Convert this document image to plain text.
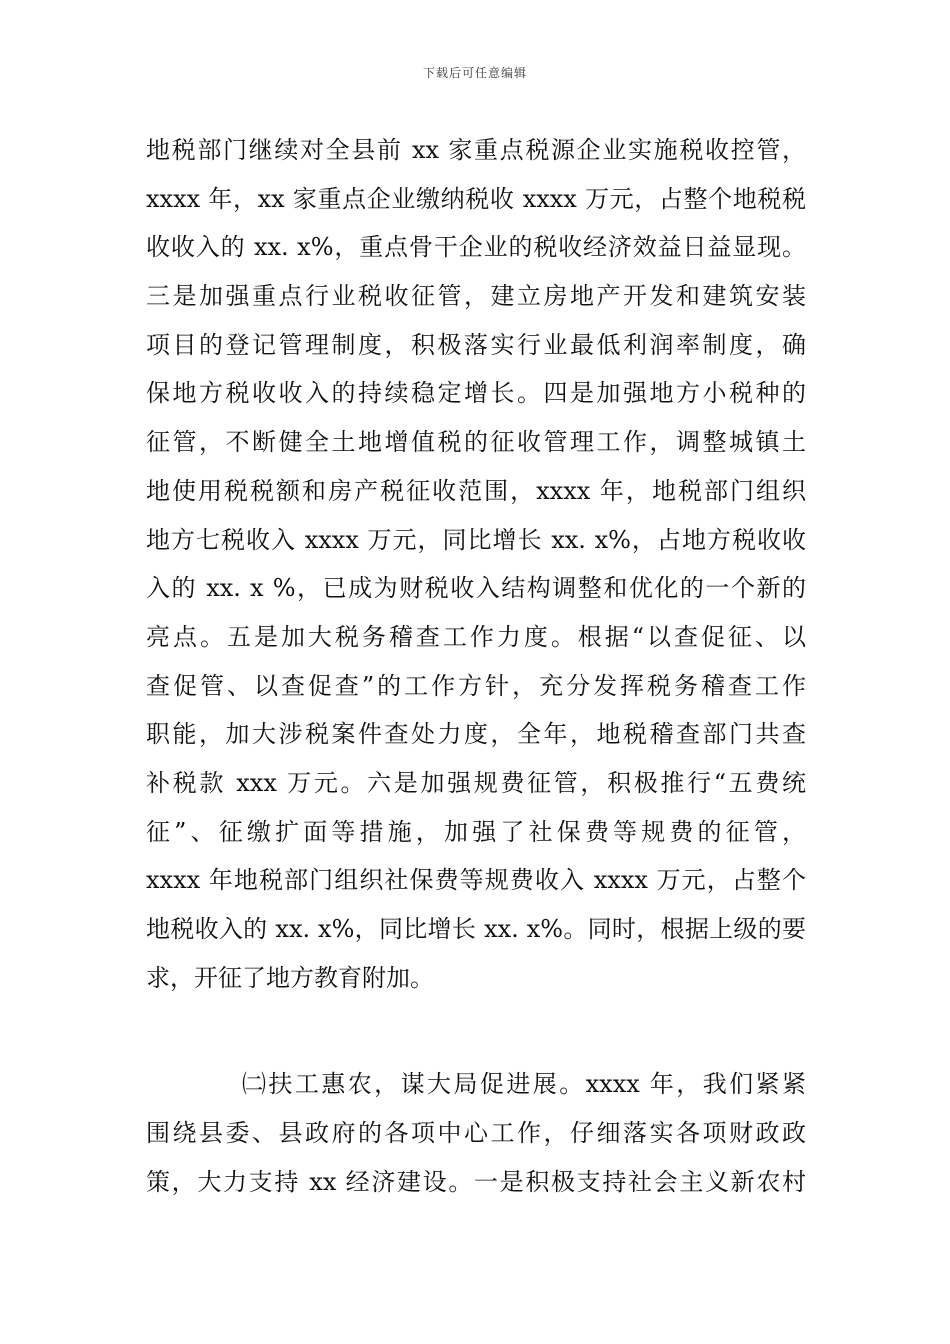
下载后可任意编辑
地税部门继续对全县前 xx 家重点税源企业实施税收控管，
xxxx 年，xx 家重点企业缴纳税收 xxxx 万元，占整个地税税
收收入的 xx. x%，重点骨干企业的税收经济效益日益显现。
三是加强重点行业税收征管，建立房地产开发和建筑安装
项目的登记管理制度，积极落实行业最低利润率制度，确
保地方税收收入的持续稳定增长。四是加强地方小税种的
征管，不断健全土地增值税的征收管理工作，调整城镇土
地使用税税额和房产税征收范围，xxxx 年，地税部门组织
地方七税收入 xxxx 万元，同比增长 xx. x%，占地方税收收
入的 xx. x %，已成为财税收入结构调整和优化的一个新的
亮点。五是加大税务稽查工作力度。根据“以查促征、以
查促管、以查促查”的工作方针，充分发挥税务稽查工作
职能，加大涉税案件查处力度，全年，地税稽查部门共查
补税款 xxx 万元。六是加强规费征管，积极推行“五费统
征”、征缴扩面等措施，加强了社保费等规费的征管，
xxxx 年地税部门组织社保费等规费收入 xxxx 万元，占整个
地税收入的 xx. x%，同比增长 xx. x%。同时，根据上级的要
求，开征了地方教育附加。
㈡扶工惠农，谋大局促进展。xxxx 年，我们紧紧
围绕县委、县政府的各项中心工作，仔细落实各项财政政
策，大力支持 xx 经济建设。一是积极支持社会主义新农村
